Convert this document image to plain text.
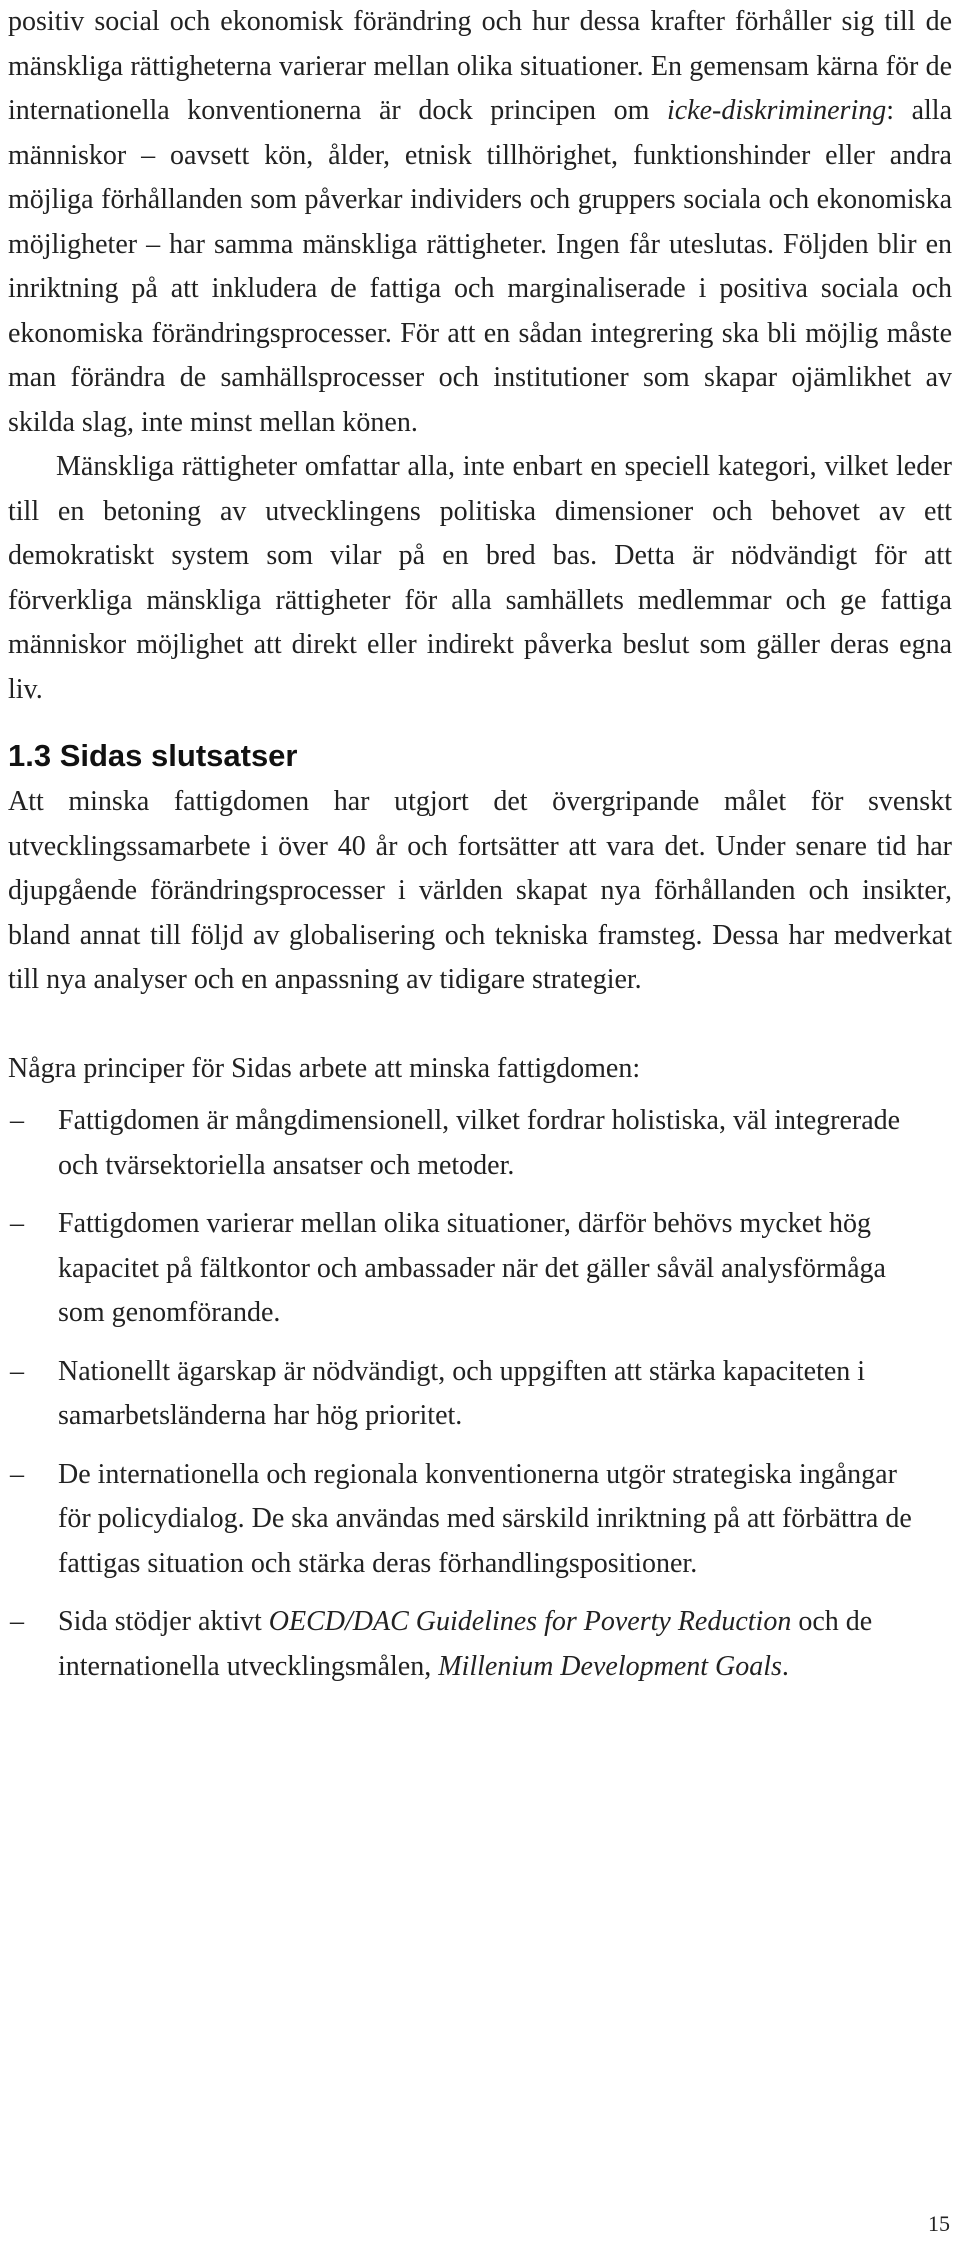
positiv social och ekonomisk förändring och hur dessa krafter förhåller sig till de mänskliga rättigheterna varierar mellan olika situationer. En gemensam kärna för de internationella konventionerna är dock principen om icke-diskriminering: alla människor – oavsett kön, ålder, etnisk tillhörighet, funktionshinder eller andra möjliga förhållanden som påverkar individers och gruppers sociala och ekonomiska möjligheter – har samma mänskliga rättigheter. Ingen får uteslutas. Följden blir en inriktning på att inkludera de fattiga och marginaliserade i positiva sociala och ekonomiska förändringsprocesser. För att en sådan integrering ska bli möjlig måste man förändra de samhällsprocesser och institutioner som skapar ojämlikhet av skilda slag, inte minst mellan könen.

Mänskliga rättigheter omfattar alla, inte enbart en speciell kategori, vilket leder till en betoning av utvecklingens politiska dimensioner och behovet av ett demokratiskt system som vilar på en bred bas. Detta är nödvändigt för att förverkliga mänskliga rättigheter för alla samhällets medlemmar och ge fattiga människor möjlighet att direkt eller indirekt påverka beslut som gäller deras egna liv.

1.3 Sidas slutsatser

Att minska fattigdomen har utgjort det övergripande målet för svenskt utvecklingssamarbete i över 40 år och fortsätter att vara det. Under senare tid har djupgående förändringsprocesser i världen skapat nya förhållanden och insikter, bland annat till följd av globalisering och tekniska framsteg. Dessa har medverkat till nya analyser och en anpassning av tidigare strategier.

Några principer för Sidas arbete att minska fattigdomen:

– Fattigdomen är mångdimensionell, vilket fordrar holistiska, väl integrerade och tvärsektoriella ansatser och metoder.
– Fattigdomen varierar mellan olika situationer, därför behövs mycket hög kapacitet på fältkontor och ambassader när det gäller såväl analysförmåga som genomförande.
– Nationellt ägarskap är nödvändigt, och uppgiften att stärka kapaciteten i samarbetsländerna har hög prioritet.
– De internationella och regionala konventionerna utgör strategiska ingångar för policydialog. De ska användas med särskild inriktning på att förbättra de fattigas situation och stärka deras förhandlingspositioner.
– Sida stödjer aktivt OECD/DAC Guidelines for Poverty Reduction och de internationella utvecklingsmålen, Millenium Development Goals.
15
